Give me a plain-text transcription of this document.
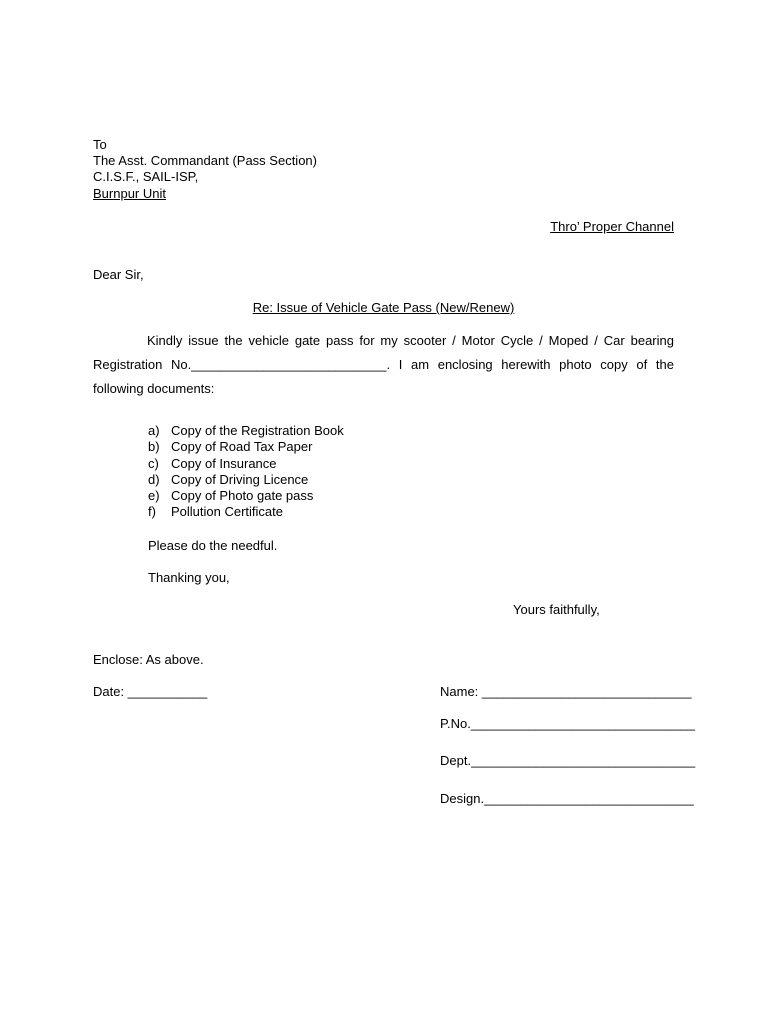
To
The Asst. Commandant (Pass Section)
C.I.S.F., SAIL-ISP,
Burnpur Unit
Thro’ Proper Channel
Dear Sir,
Re: Issue of Vehicle Gate Pass (New/Renew)
Kindly issue the vehicle gate pass for my scooter / Motor Cycle / Moped / Car bearing Registration No.___________________________. I am enclosing herewith photo copy of the following documents:
a) Copy of the Registration Book
b) Copy of Road Tax Paper
c) Copy of Insurance
d) Copy of Driving Licence
e) Copy of Photo gate pass
f) Pollution Certificate
Please do the needful.
Thanking you,
Yours faithfully,
Enclose: As above.
Date: ___________	Name: _____________________________
P.No._______________________________
Dept._______________________________
Design._____________________________
